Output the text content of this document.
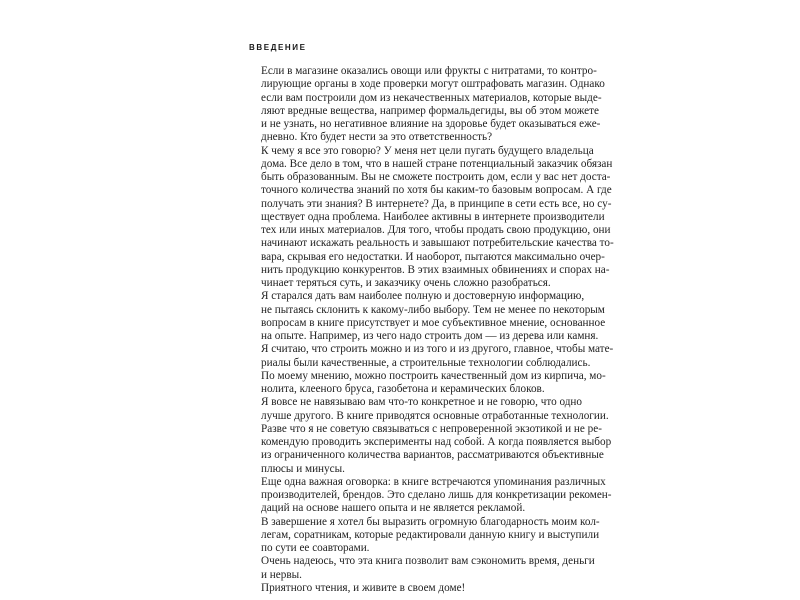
ВВЕДЕНИЕ

Если в магазине оказались овощи или фрукты с нитратами, то контро-
лирующие органы в ходе проверки могут оштрафовать магазин. Однако
если вам построили дом из некачественных материалов, которые выде-
ляют вредные вещества, например формальдегиды, вы об этом можете
и не узнать, но негативное влияние на здоровье будет оказываться еже-
дневно. Кто будет нести за это ответственность?

К чему я все это говорю? У меня нет цели пугать будущего владельца
дома. Все дело в том, что в нашей стране потенциальный заказчик обязан
быть образованным. Вы не сможете построить дом, если у вас нет доста-
точного количества знаний по хотя бы каким-то базовым вопросам. А где
получать эти знания? В интернете? Да, в принципе в сети есть все, но су-
ществует одна проблема. Наиболее активны в интернете производители
тех или иных материалов. Для того, чтобы продать свою продукцию, они
начинают искажать реальность и завышают потребительские качества то-
вара, скрывая его недостатки. И наоборот, пытаются максимально очер-
нить продукцию конкурентов. В этих взаимных обвинениях и спорах на-
чинает теряться суть, и заказчику очень сложно разобраться.

Я старался дать вам наиболее полную и достоверную информацию,
не пытаясь склонить к какому-либо выбору. Тем не менее по некоторым
вопросам в книге присутствует и мое субъективное мнение, основанное
на опыте. Например, из чего надо строить дом — из дерева или камня.
Я считаю, что строить можно и из того и из другого, главное, чтобы мате-
риалы были качественные, а строительные технологии соблюдались.
По моему мнению, можно построить качественный дом из кирпича, мо-
нолита, клееного бруса, газобетона и керамических блоков.

Я вовсе не навязываю вам что-то конкретное и не говорю, что одно
лучше другого. В книге приводятся основные отработанные технологии.
Разве что я не советую связываться с непроверенной экзотикой и не ре-
комендую проводить эксперименты над собой. А когда появляется выбор
из ограниченного количества вариантов, рассматриваются объективные
плюсы и минусы.

Еще одна важная оговорка: в книге встречаются упоминания различных
производителей, брендов. Это сделано лишь для конкретизации рекомен-
даций на основе нашего опыта и не является рекламой.

В завершение я хотел бы выразить огромную благодарность моим кол-
легам, соратникам, которые редактировали данную книгу и выступили
по сути ее соавторами.

Очень надеюсь, что эта книга позволит вам сэкономить время, деньги
и нервы.

Приятного чтения, и живите в своем доме!
